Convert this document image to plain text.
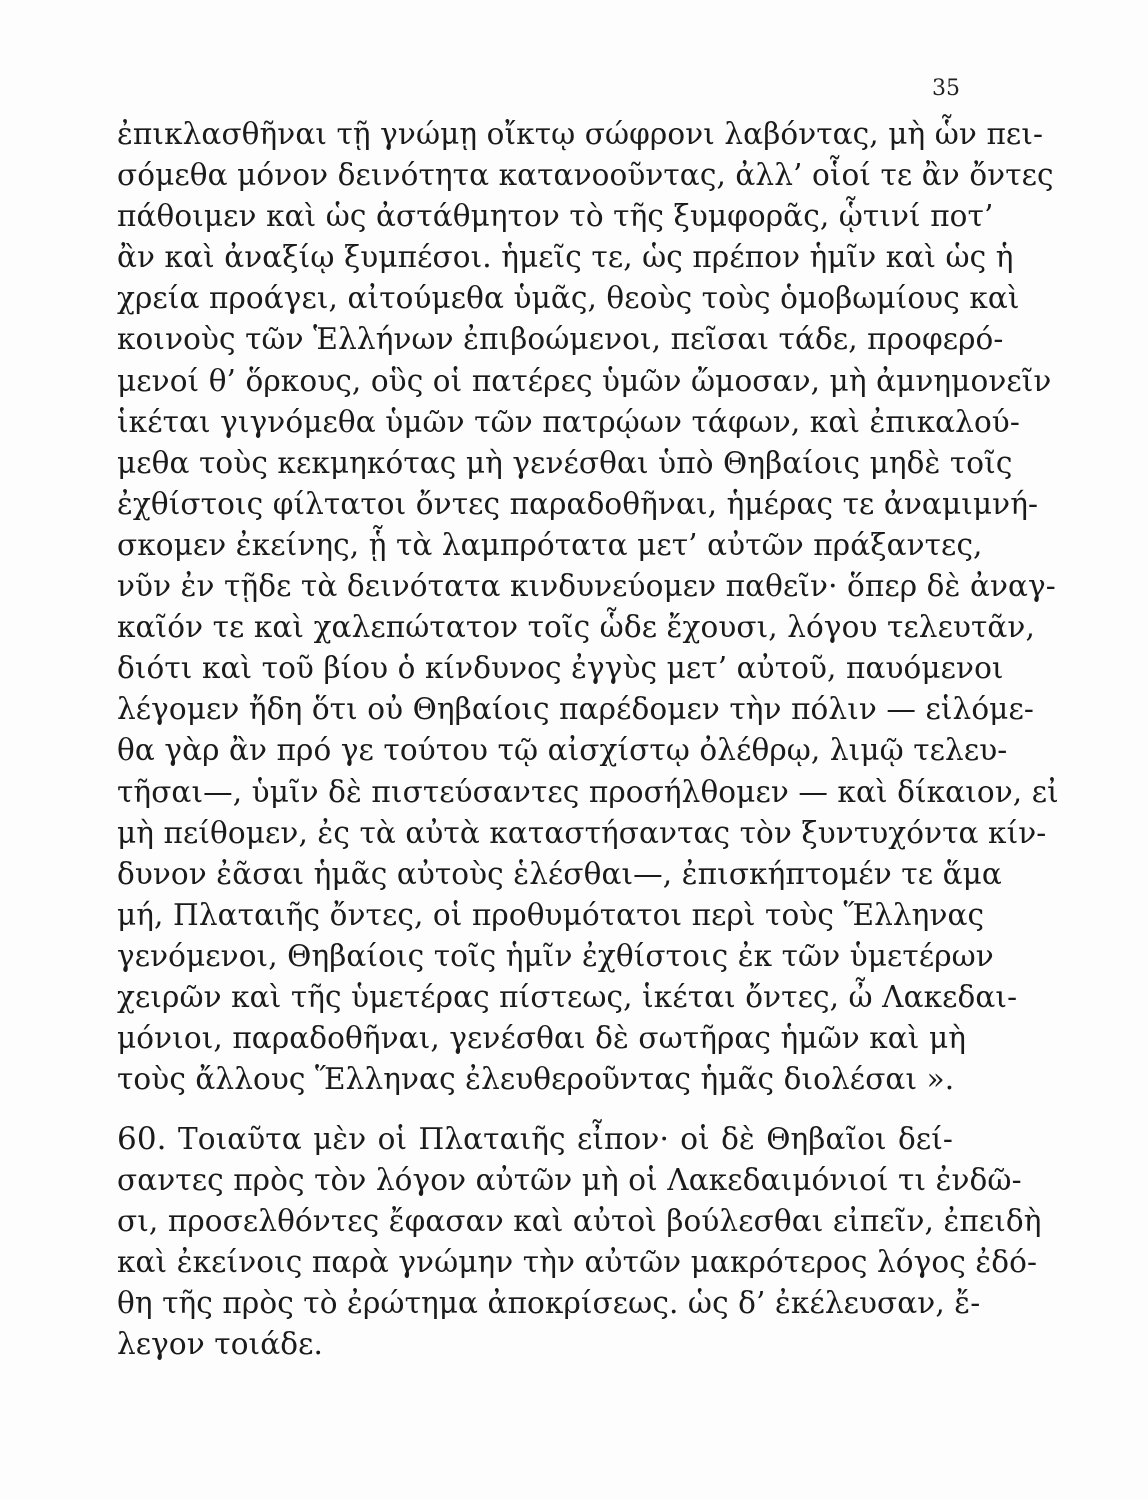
35
ἐπικλασθῆναι τῇ γνώμῃ οἴκτῳ σώφρονι λαβόντας, μὴ ὧν πει-
σόμεθα μόνον δεινότητα κατανοοῦντας, ἀλλ’ οἷοί τε ἂν ὄντες
πάθοιμεν καὶ ὡς ἀστάθμητον τὸ τῆς ξυμφορᾶς, ᾧτινί ποτ’
ἂν καὶ ἀναξίῳ ξυμπέσοι. ἡμεῖς τε, ὡς πρέπον ἡμῖν καὶ ὡς ἡ
χρεία προάγει, αἰτούμεθα ὑμᾶς, θεοὺς τοὺς ὁμοβωμίους καὶ
κοινοὺς τῶν Ἑλλήνων ἐπιβοώμενοι, πεῖσαι τάδε, προφερό-
μενοί θ’ ὅρκους, οὓς οἱ πατέρες ὑμῶν ὤμοσαν, μὴ ἀμνημονεῖν
ἱκέται γιγνόμεθα ὑμῶν τῶν πατρῴων τάφων, καὶ ἐπικαλού-
μεθα τοὺς κεκμηκότας μὴ γενέσθαι ὑπὸ Θηβαίοις μηδὲ τοῖς
ἐχθίστοις φίλτατοι ὄντες παραδοθῆναι, ἡμέρας τε ἀναμιμνή-
σκομεν ἐκείνης, ᾗ τὰ λαμπρότατα μετ’ αὐτῶν πράξαντες,
νῦν ἐν τῇδε τὰ δεινότατα κινδυνεύομεν παθεῖν· ὅπερ δὲ ἀναγ-
καῖόν τε καὶ χαλεπώτατον τοῖς ὧδε ἔχουσι, λόγου τελευτᾶν,
διότι καὶ τοῦ βίου ὁ κίνδυνος ἐγγὺς μετ’ αὐτοῦ, παυόμενοι
λέγομεν ἤδη ὅτι οὐ Θηβαίοις παρέδομεν τὴν πόλιν — εἱλόμε-
θα γὰρ ἂν πρό γε τούτου τῷ αἰσχίστῳ ὀλέθρῳ, λιμῷ τελευ-
τῆσαι—, ὑμῖν δὲ πιστεύσαντες προσήλθομεν — καὶ δίκαιον, εἰ
μὴ πείθομεν, ἐς τὰ αὐτὰ καταστήσαντας τὸν ξυντυχόντα κίν-
δυνον ἐᾶσαι ἡμᾶς αὐτοὺς ἑλέσθαι—, ἐπισκήπτομέν τε ἅμα
μή, Πλαταιῆς ὄντες, οἱ προθυμότατοι περὶ τοὺς Ἕλληνας
γενόμενοι, Θηβαίοις τοῖς ἡμῖν ἐχθίστοις ἐκ τῶν ὑμετέρων
χειρῶν καὶ τῆς ὑμετέρας πίστεως, ἱκέται ὄντες, ὦ Λακεδαι-
μόνιοι, παραδοθῆναι, γενέσθαι δὲ σωτῆρας ἡμῶν καὶ μὴ
τοὺς ἄλλους Ἕλληνας ἐλευθεροῦντας ἡμᾶς διολέσαι ».
60. Τοιαῦτα μὲν οἱ Πλαταιῆς εἶπον· οἱ δὲ Θηβαῖοι δεί-
σαντες πρὸς τὸν λόγον αὐτῶν μὴ οἱ Λακεδαιμόνιοί τι ἐνδῶ-
σι, προσελθόντες ἔφασαν καὶ αὐτοὶ βούλεσθαι εἰπεῖν, ἐπειδὴ
καὶ ἐκείνοις παρὰ γνώμην τὴν αὐτῶν μακρότερος λόγος ἐδό-
θη τῆς πρὸς τὸ ἐρώτημα ἀποκρίσεως. ὡς δ’ ἐκέλευσαν, ἔ-
λεγον τοιάδε.
